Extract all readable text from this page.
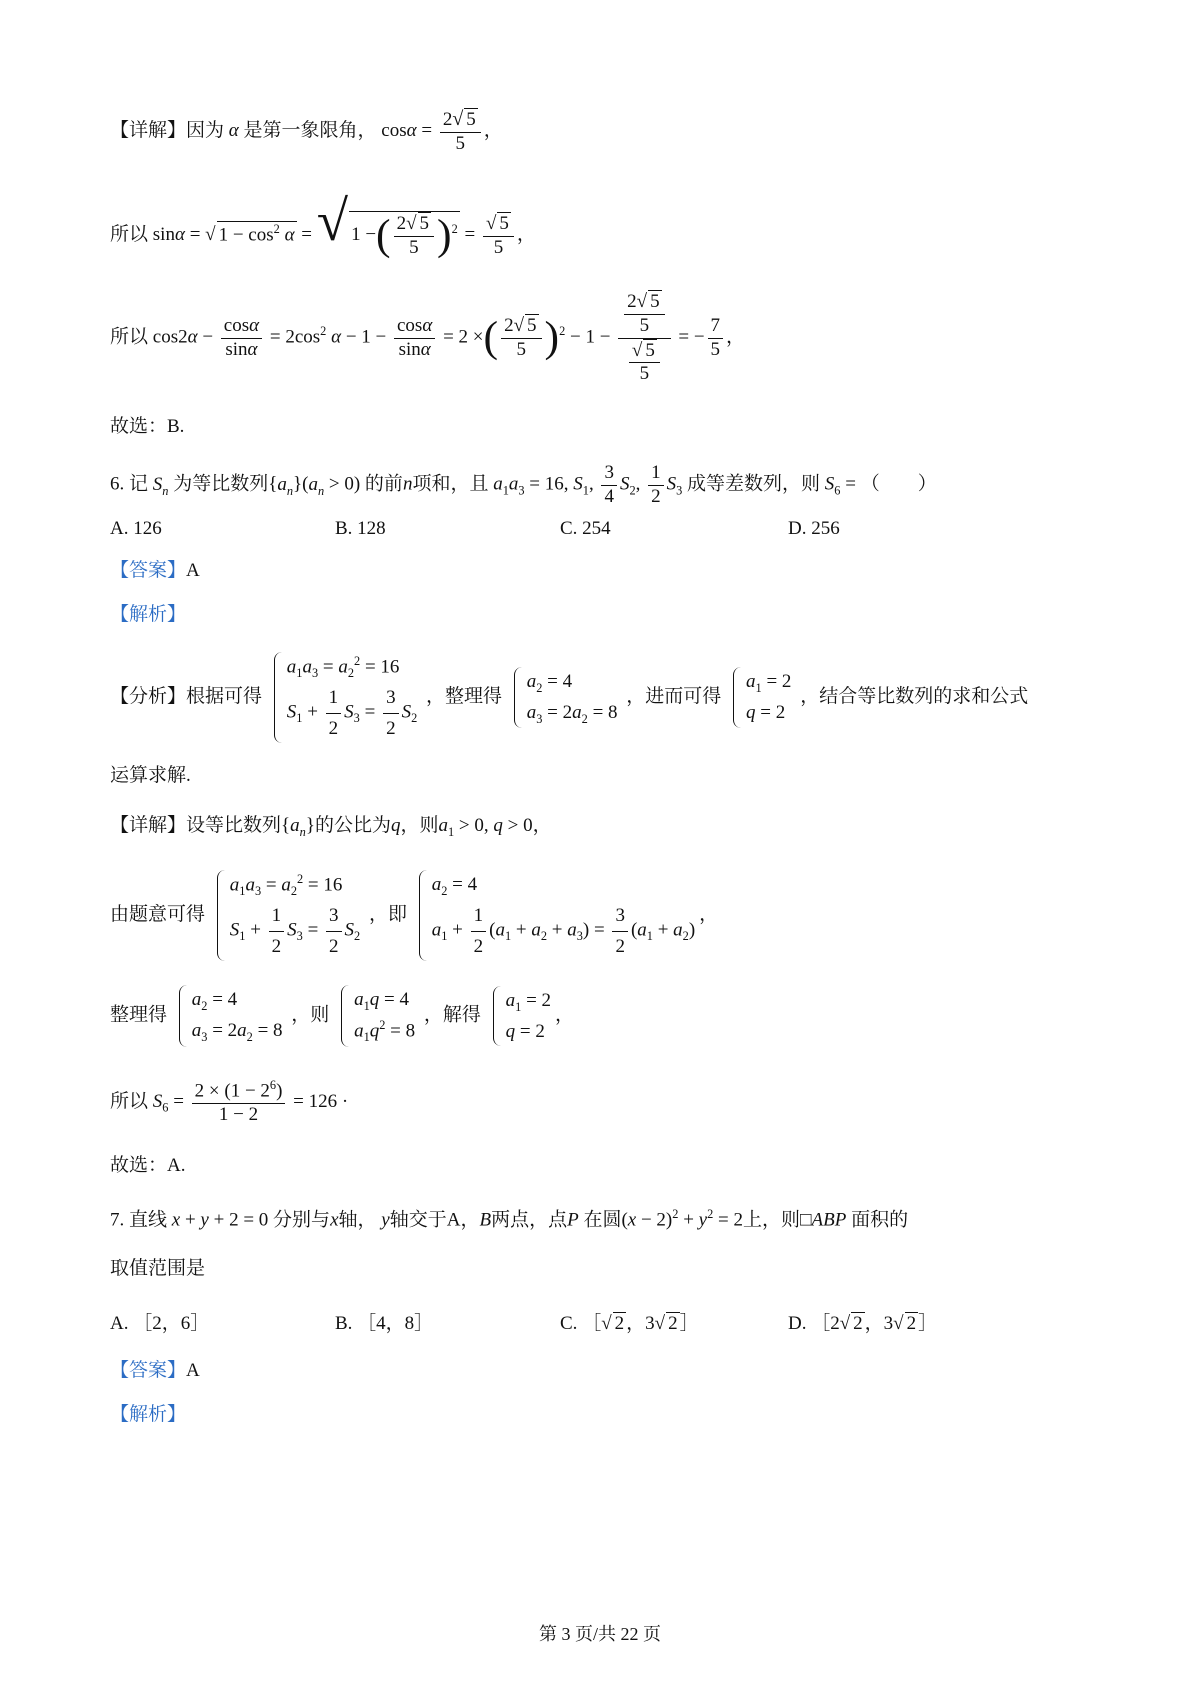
【详解】因为 α 是第一象限角， $\cos\alpha = \frac{2√ 5}{5}$ ，
所以 sinα = √ $1 - \cos^2 \alpha$ = √ 1 −( $\frac{2√ 5}{5} )^2 = \frac{√ 5}{5}$ ，
所以 $\cos 2\alpha - \frac{\cos\alpha}{\sin\alpha} = 2\cos^2$ $\alpha - 1 - \frac{\cos\alpha}{\sin\alpha} = 2$ ×( $\frac{2√ 5}{5} )^2 - 1 - \frac{\frac{2√ 5}{5}}{\frac{√ 5}{5}}$ = − $\frac{7}{5}$ ，
故选：B.
6. 记 $S_n$ 为等比数列$\{a_n\}(a_n > 0)$ 的前n项和，且 $a_1a_3 = 16$, $S_1$, $\frac{3}{4} S_2$, $\frac{1}{2} S_3$ 成等差数列，则 $S_6$ = （　　）
A. 126	B. 128	C. 254	D. 256
【答案】A
【解析】
【分析】根据可得
$a_1a_3 = a_2^2 = 16$
$S_1 + \frac{1}{2} S_3 = \frac{3}{2} S_2$
，整理得
$a_2 = 4$
$a_3 = 2a_2 = 8$
，进而可得
$a_1 = 2$
q = 2
，结合等比数列的求和公式
运算求解.
【详解】设等比数列$\{a_n\}$的公比为q，则$a_1 > 0$, q > 0，
由题意可得
$a_1a_3 = a_2^2 = 16$
$S_1 + \frac{1}{2} S_3 = \frac{3}{2} S_2$
，即
$a_2 = 4$
$a_1 + \frac{1}{2} (a_1 + a_2 + a_3) = \frac{3}{2} (a_1 + a_2)$
，
整理得
$a_2 = 4$
$a_3 = 2a_2 = 8$
，则
$a_1q = 4$
$a_1q^2 = 8$
，解得
$a_1 = 2$
q = 2
，
所以 $S_6 = \frac{2 \times (1 - 2^6)}{1 - 2} = 126$ ·
故选：A.
7. 直线 x + y + 2 = 0 分别与x轴， y轴交于A，B两点，点P 在圆$(x - 2)^2 + y^2 = 2$上，则□ABP 面积的
取值范围是
A. ［2，6］	B. ［4，8］	C. ［√ 2 ，3√ 2 ］	D. ［2√ 2 ，3√ 2 ］
【答案】A
【解析】
第 3 页/共 22 页
